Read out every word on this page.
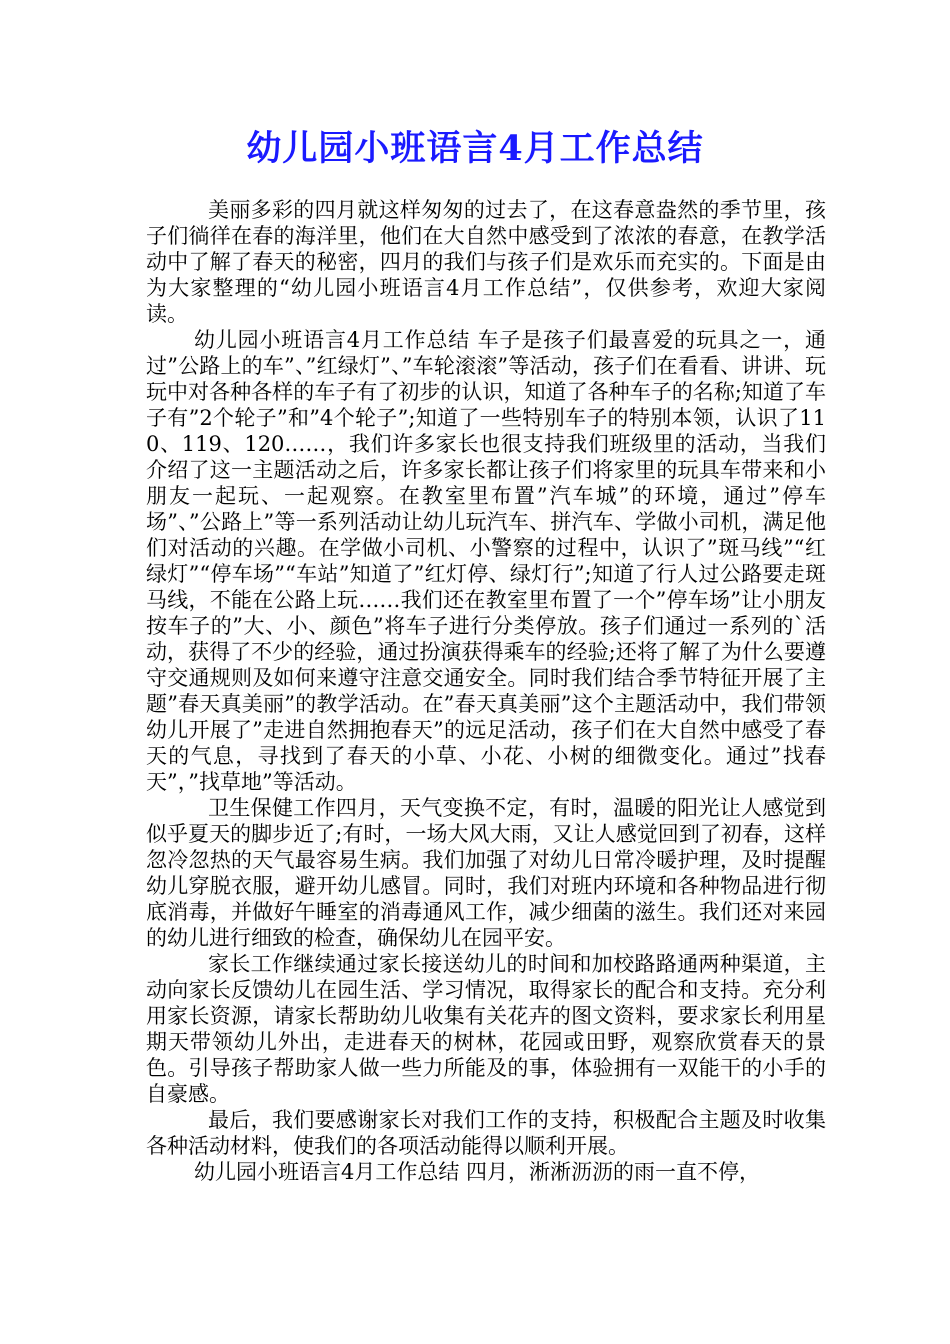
幼儿园小班语言4月工作总结

美丽多彩的四月就这样匆匆的过去了，在这春意盎然的季节里，孩子们徜徉在春的海洋里，他们在大自然中感受到了浓浓的春意，在教学活动中了解了春天的秘密，四月的我们与孩子们是欢乐而充实的。下面是由为大家整理的“幼儿园小班语言4月工作总结”，仅供参考，欢迎大家阅读。

幼儿园小班语言4月工作总结 车子是孩子们最喜爱的玩具之一，通过”公路上的车”、”红绿灯”、”车轮滚滚”等活动，孩子们在看看、讲讲、玩玩中对各种各样的车子有了初步的认识，知道了各种车子的名称;知道了车子有”2个轮子”和”4个轮子”;知道了一些特别车子的特别本领，认识了110、119、120……，我们许多家长也很支持我们班级里的活动，当我们介绍了这一主题活动之后，许多家长都让孩子们将家里的玩具车带来和小朋友一起玩、一起观察。在教室里布置”汽车城”的环境，通过”停车场”、”公路上”等一系列活动让幼儿玩汽车、拼汽车、学做小司机，满足他们对活动的兴趣。在学做小司机、小警察的过程中，认识了”斑马线”“红绿灯”“停车场”“车站”知道了”红灯停、绿灯行”;知道了行人过公路要走斑马线，不能在公路上玩……我们还在教室里布置了一个”停车场”让小朋友按车子的”大、小、颜色”将车子进行分类停放。孩子们通过一系列的`活动，获得了不少的经验，通过扮演获得乘车的经验;还将了解了为什么要遵守交通规则及如何来遵守注意交通安全。同时我们结合季节特征开展了主题”春天真美丽”的教学活动。在”春天真美丽”这个主题活动中，我们带领幼儿开展了”走进自然拥抱春天”的远足活动，孩子们在大自然中感受了春天的气息，寻找到了春天的小草、小花、小树的细微变化。通过”找春天”，”找草地”等活动。

卫生保健工作四月，天气变换不定，有时，温暖的阳光让人感觉到似乎夏天的脚步近了;有时，一场大风大雨，又让人感觉回到了初春，这样忽冷忽热的天气最容易生病。我们加强了对幼儿日常冷暖护理，及时提醒幼儿穿脱衣服，避开幼儿感冒。同时，我们对班内环境和各种物品进行彻底消毒，并做好午睡室的消毒通风工作，减少细菌的滋生。我们还对来园的幼儿进行细致的检查，确保幼儿在园平安。

家长工作继续通过家长接送幼儿的时间和加校路路通两种渠道，主动向家长反馈幼儿在园生活、学习情况，取得家长的配合和支持。充分利用家长资源，请家长帮助幼儿收集有关花卉的图文资料，要求家长利用星期天带领幼儿外出，走进春天的树林，花园或田野，观察欣赏春天的景色。引导孩子帮助家人做一些力所能及的事，体验拥有一双能干的小手的自豪感。

最后，我们要感谢家长对我们工作的支持，积极配合主题及时收集各种活动材料，使我们的各项活动能得以顺利开展。

幼儿园小班语言4月工作总结 四月，淅淅沥沥的雨一直不停，
